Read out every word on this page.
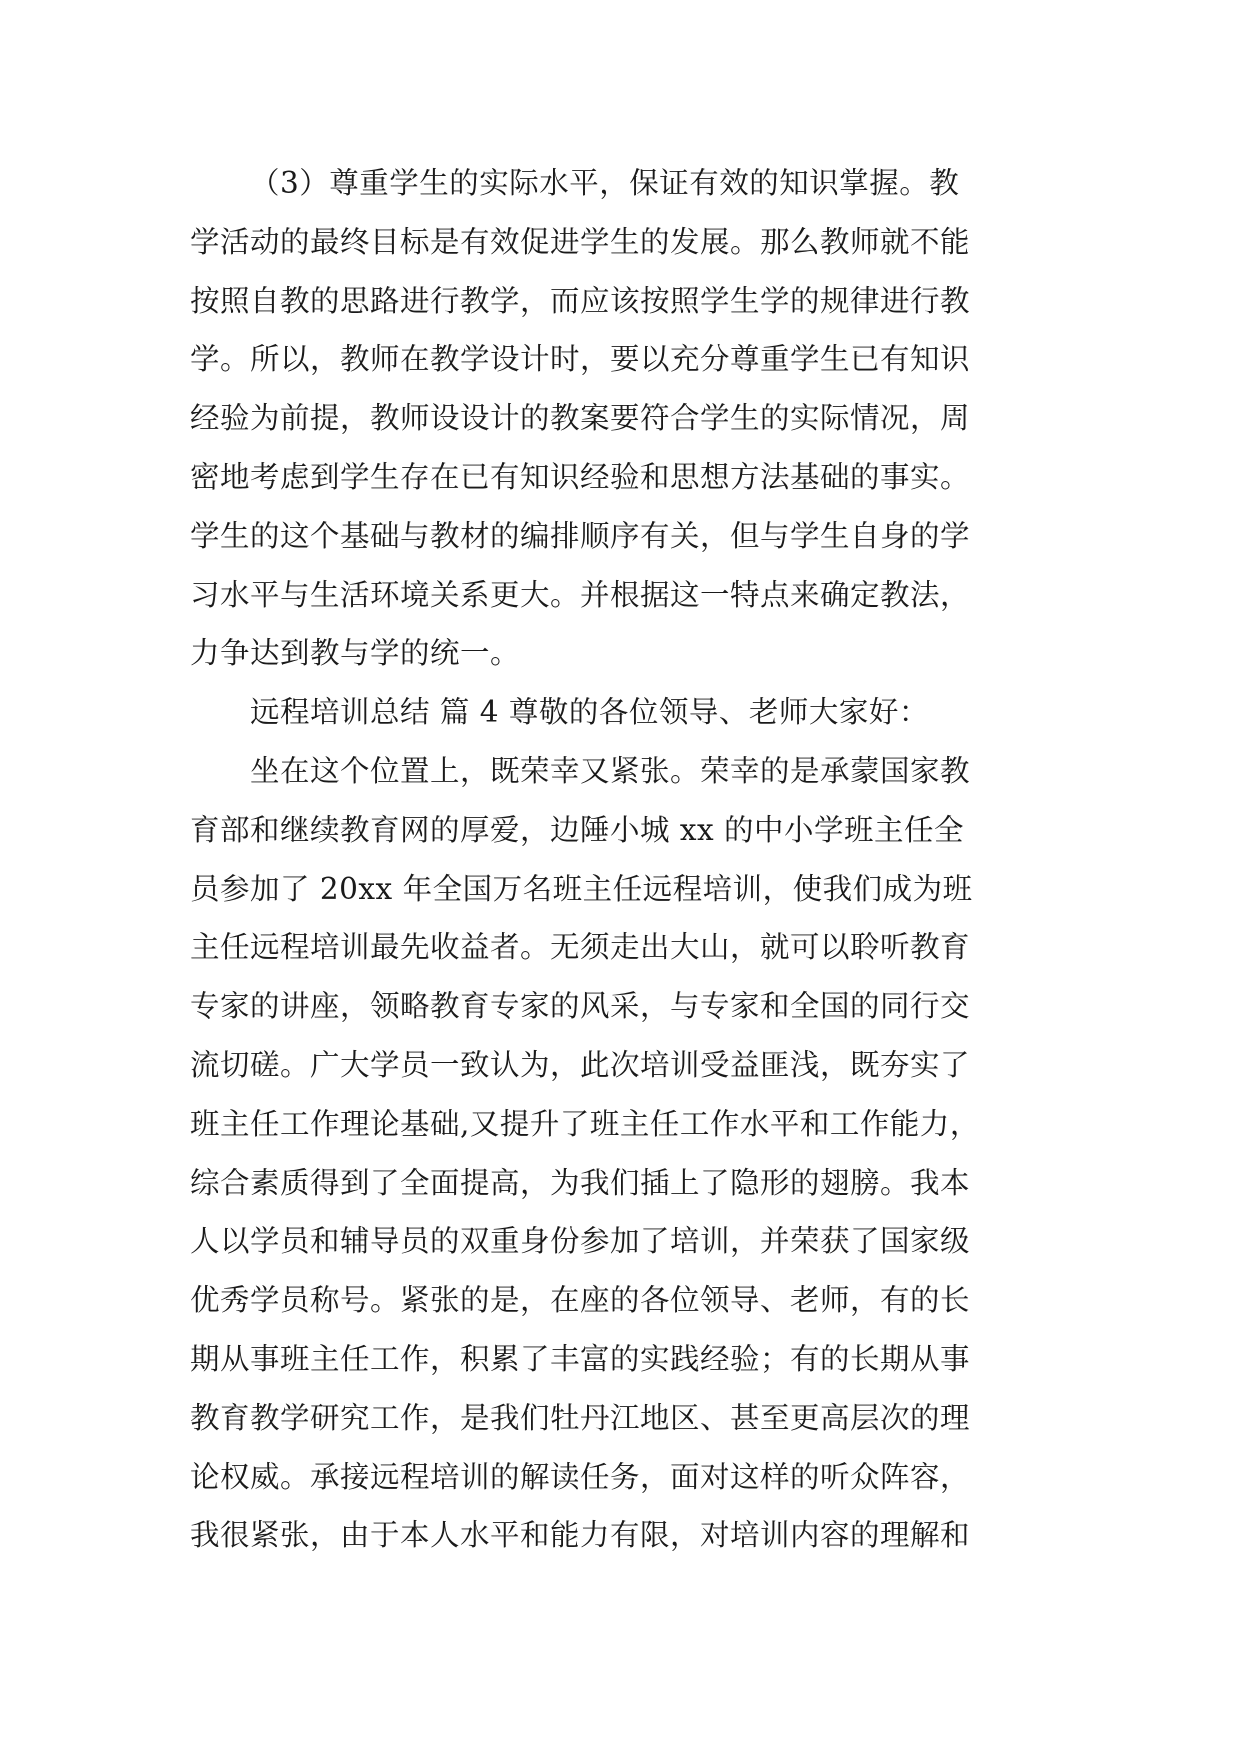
（3）尊重学生的实际水平，保证有效的知识掌握。教
学活动的最终目标是有效促进学生的发展。那么教师就不能
按照自教的思路进行教学，而应该按照学生学的规律进行教
学。所以，教师在教学设计时，要以充分尊重学生已有知识
经验为前提，教师设设计的教案要符合学生的实际情况，周
密地考虑到学生存在已有知识经验和思想方法基础的事实。
学生的这个基础与教材的编排顺序有关，但与学生自身的学
习水平与生活环境关系更大。并根据这一特点来确定教法，
力争达到教与学的统一。
远程培训总结 篇 4 尊敬的各位领导、老师大家好：
坐在这个位置上，既荣幸又紧张。荣幸的是承蒙国家教
育部和继续教育网的厚爱，边陲小城 xx 的中小学班主任全
员参加了 20xx 年全国万名班主任远程培训，使我们成为班
主任远程培训最先收益者。无须走出大山，就可以聆听教育
专家的讲座，领略教育专家的风采，与专家和全国的同行交
流切磋。广大学员一致认为，此次培训受益匪浅，既夯实了
班主任工作理论基础,又提升了班主任工作水平和工作能力，
综合素质得到了全面提高，为我们插上了隐形的翅膀。我本
人以学员和辅导员的双重身份参加了培训，并荣获了国家级
优秀学员称号。紧张的是，在座的各位领导、老师，有的长
期从事班主任工作，积累了丰富的实践经验；有的长期从事
教育教学研究工作，是我们牡丹江地区、甚至更高层次的理
论权威。承接远程培训的解读任务，面对这样的听众阵容，
我很紧张，由于本人水平和能力有限，对培训内容的理解和
